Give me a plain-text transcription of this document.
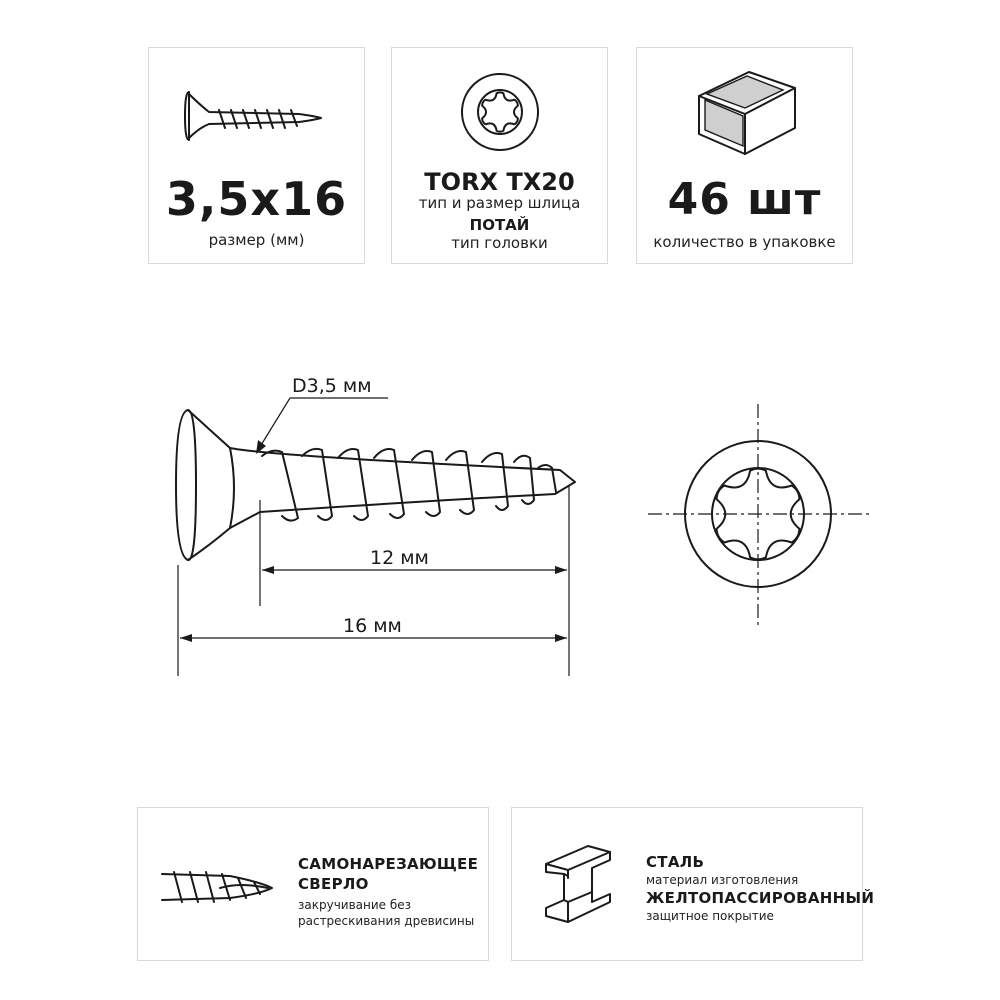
3,5x16
размер (мм)
TORX TX20
тип и размер шлица
ПОТАЙ
тип головки
46 шт
количество в упаковке
D3,5 мм
12 мм
16 мм
САМОНАРЕЗАЮЩЕЕ
СВЕРЛО
закручивание без
растрескивания древисины
СТАЛЬ
материал изготовления
ЖЕЛТОПАССИРОВАННЫЙ
защитное покрытие
